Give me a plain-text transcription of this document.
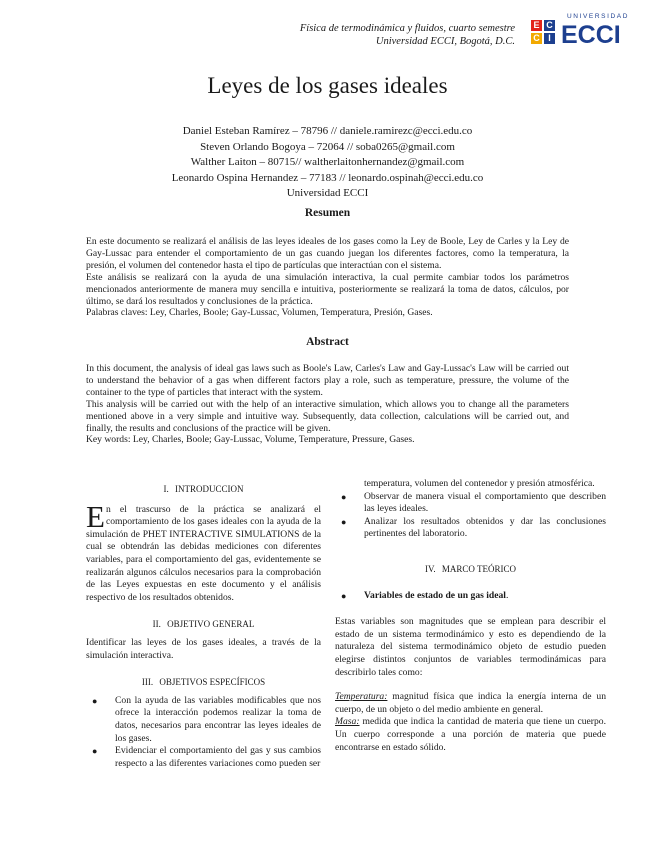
Física de termodinámica y fluidos, cuarto semestre
Universidad ECCI, Bogotá, D.C.
E C
C I
UNIVERSIDAD
ECCI
Leyes de los gases ideales
Daniel Esteban Ramírez – 78796 // daniele.ramirezc@ecci.edu.co
Steven Orlando Bogoya – 72064 // soba0265@gmail.com
Walther Laiton – 80715// waltherlaitonhernandez@gmail.com
Leonardo Ospina Hernandez – 77183 // leonardo.ospinah@ecci.edu.co
Universidad ECCI
Resumen

En este documento se realizará el análisis de las leyes ideales de los gases como la Ley de Boole, Ley de Carles y la Ley de Gay-Lussac para entender el comportamiento de un gas cuando juegan los diferentes factores, como la temperatura, la presión, el volumen del contenedor hasta el tipo de partículas que interactúan con el sistema.

Este análisis se realizará con la ayuda de una simulación interactiva, la cual permite cambiar todos los parámetros mencionados anteriormente de manera muy sencilla e intuitiva, posteriormente se realizará la toma de datos, cálculos, por último, se dará los resultados y conclusiones de la práctica.

Palabras claves: Ley, Charles, Boole; Gay-Lussac, Volumen, Temperatura, Presión, Gases.

Abstract

In this document, the analysis of ideal gas laws such as Boole's Law, Carles's Law and Gay-Lussac's Law will be carried out to understand the behavior of a gas when different factors play a role, such as temperature, pressure, the volume of the container to the type of particles that interact with the system.

This analysis will be carried out with the help of an interactive simulation, which allows you to change all the parameters mentioned above in a very simple and intuitive way. Subsequently, data collection, calculations will be carried out, and finally, the results and conclusions of the practice will be given.

Key words: Ley, Charles, Boole; Gay-Lussac, Volume, Temperature, Pressure, Gases.

I. INTRODUCCION

En el trascurso de la práctica se analizará el comportamiento de los gases ideales con la ayuda de la simulación de PHET INTERACTIVE SIMULATIONS de la cual se obtendrán las debidas mediciones con diferentes variables, para el comportamiento del gas, evidentemente se realizarán algunos cálculos necesarios para la comprobación de las Leyes expuestas en este documento y el análisis respectivo de los resultados obtenidos.

II. OBJETIVO GENERAL

Identificar las leyes de los gases ideales, a través de la simulación interactiva.

III. OBJETIVOS ESPECÍFICOS
● Con la ayuda de las variables modificables que nos ofrece la interacción podemos realizar la toma de datos, necesarios para encontrar las leyes ideales de los gases.
● Evidenciar el comportamiento del gas y sus cambios respecto a las diferentes variaciones como pueden ser
temperatura, volumen del contenedor y presión atmosférica.
● Observar de manera visual el comportamiento que describen las leyes ideales.
● Analizar los resultados obtenidos y dar las conclusiones pertinentes del laboratorio.
IV. MARCO TEÓRICO
● Variables de estado de un gas ideal.

Estas variables son magnitudes que se emplean para describir el estado de un sistema termodinámico y esto es dependiendo de la naturaleza del sistema termodinámico objeto de estudio pueden elegirse distintos conjuntos de variables termodinámicas para describirlo tales como:

Temperatura: magnitud física que indica la energía interna de un cuerpo, de un objeto o del medio ambiente en general.

Masa: medida que indica la cantidad de materia que tiene un cuerpo. Un cuerpo corresponde a una porción de materia que puede encontrarse en estado sólido.
